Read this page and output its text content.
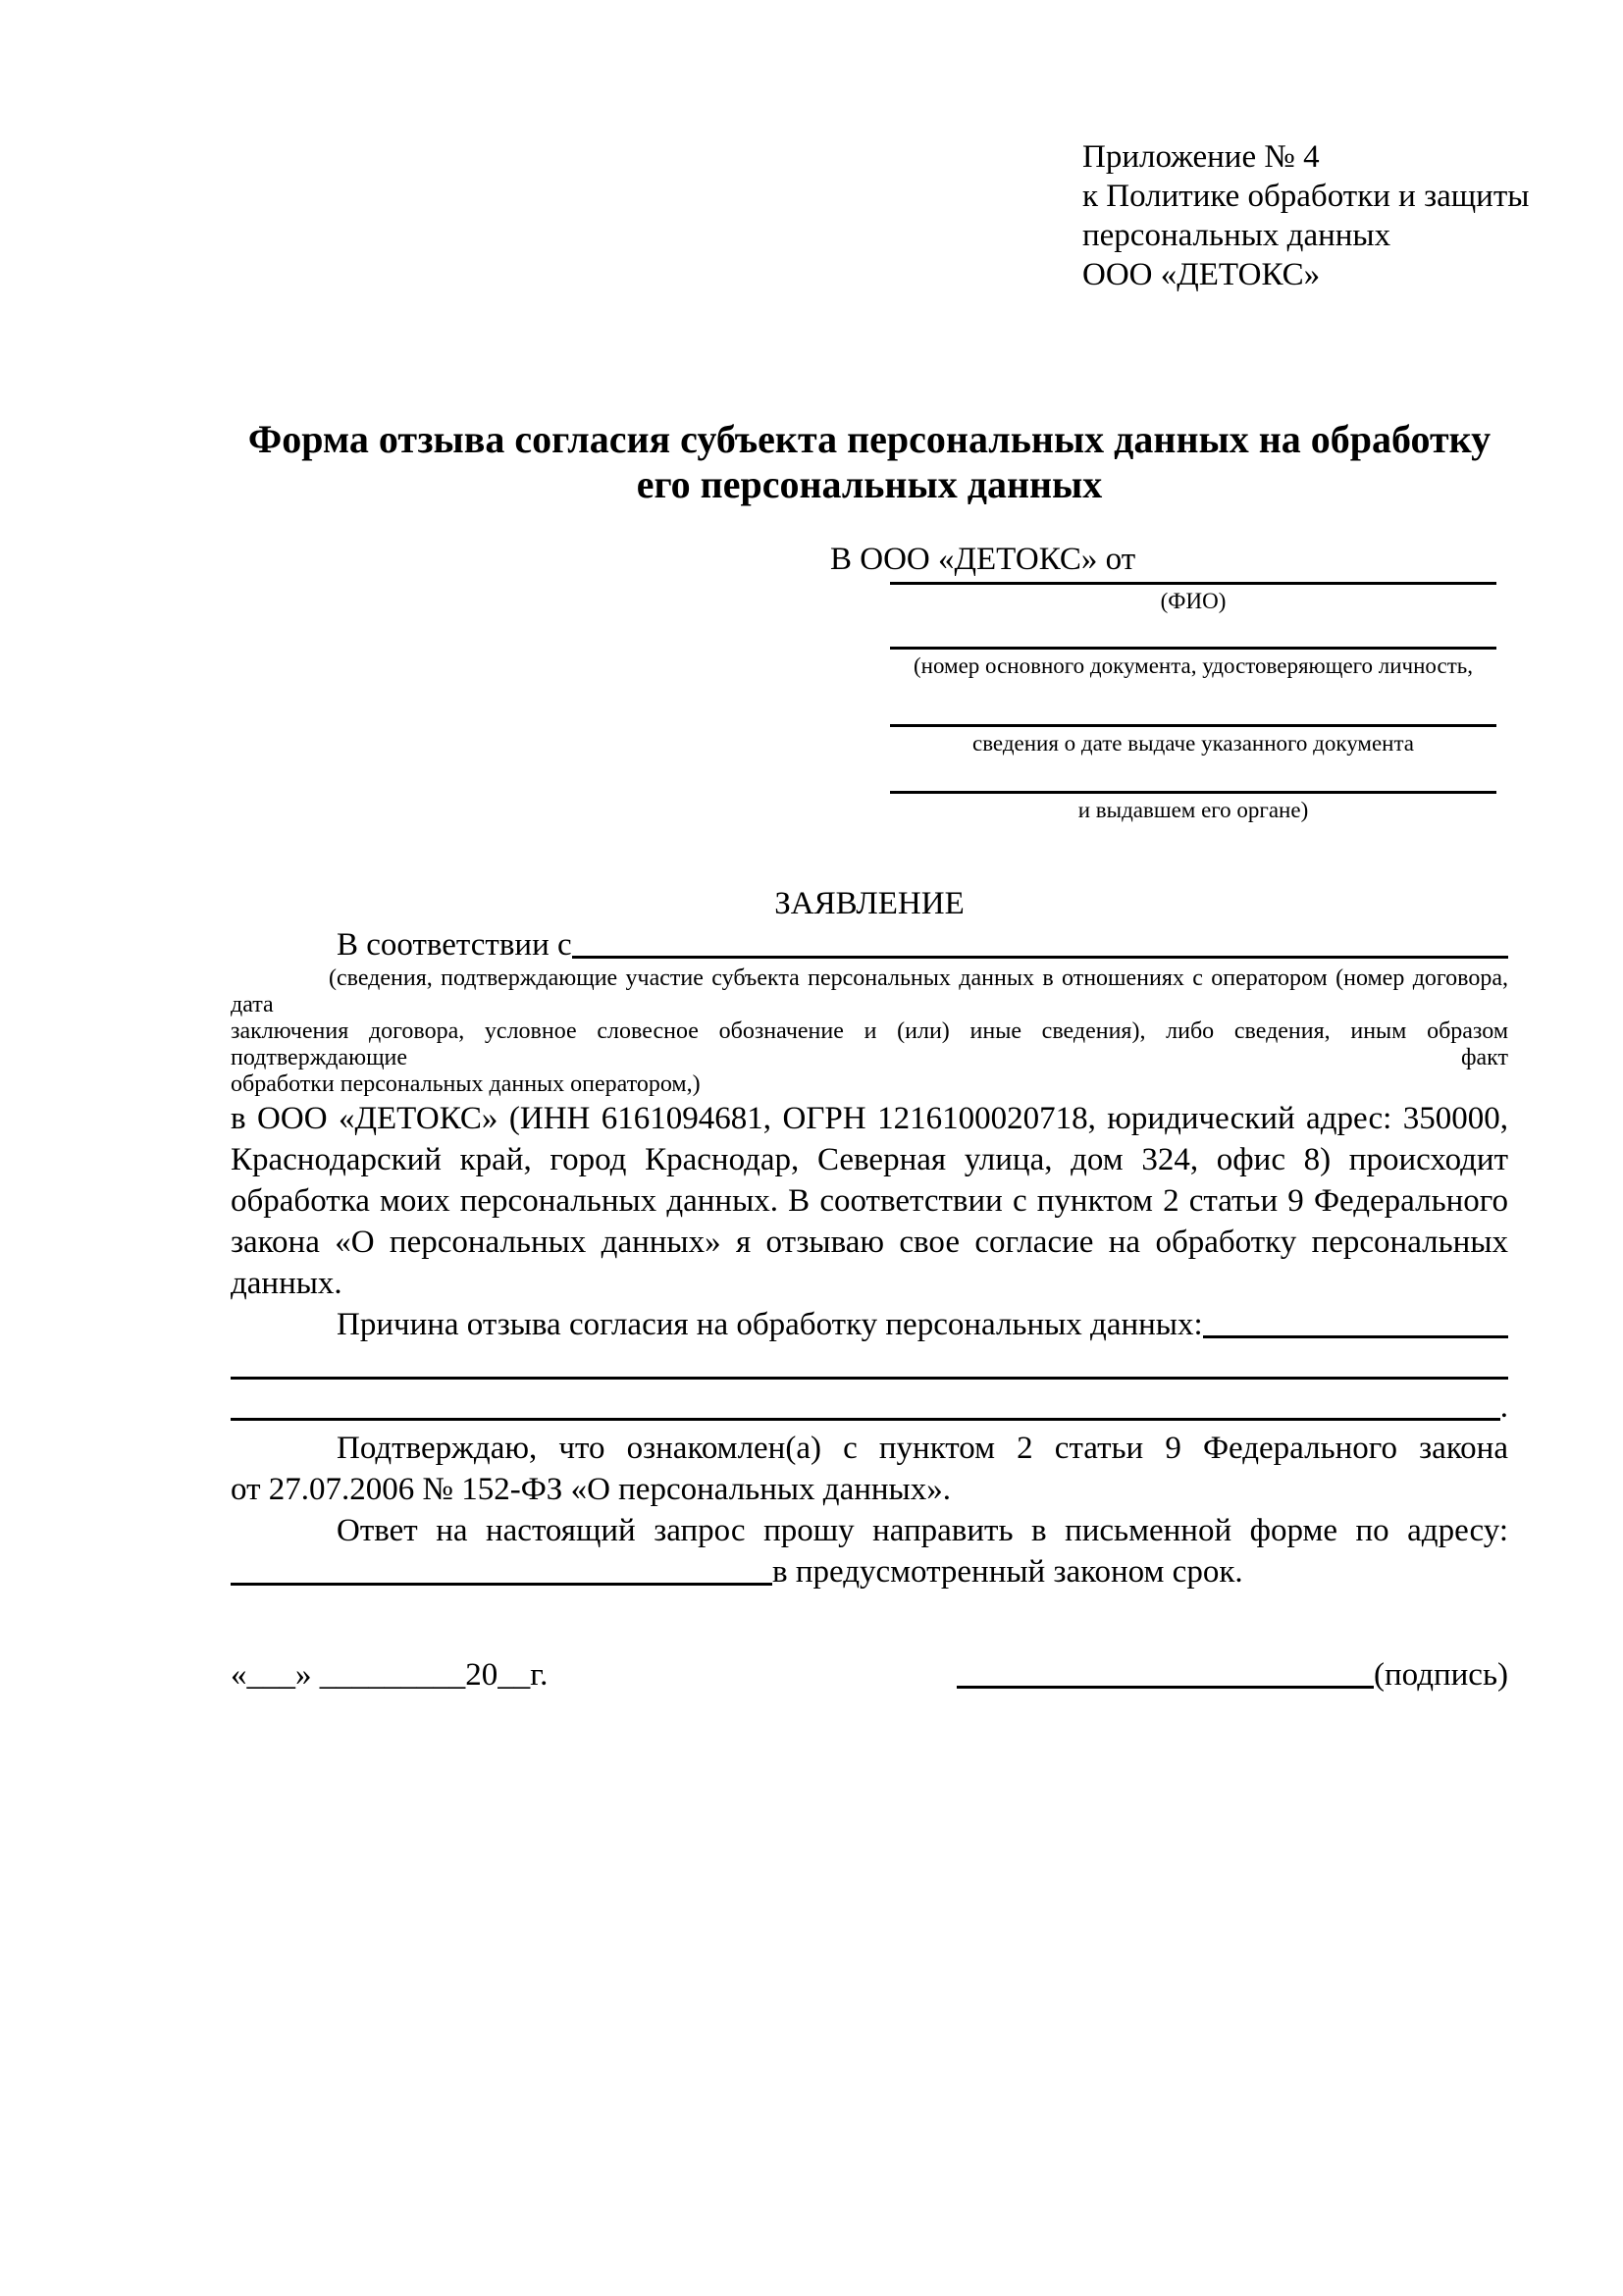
Приложение № 4
к Политике обработки и защиты
персональных данных
ООО «ДЕТОКС»
Форма отзыва согласия субъекта персональных данных на обработку
его персональных данных
В ООО «ДЕТОКС» от
(ФИО)
(номер основного документа, удостоверяющего личность,
сведения о дате выдаче указанного документа
и выдавшем его органе)
ЗАЯВЛЕНИЕ
В соответствии с
(сведения, подтверждающие участие субъекта персональных данных в отношениях с оператором (номер договора, дата
заключения договора, условное словесное обозначение и (или) иные сведения), либо сведения, иным образом подтверждающие факт
обработки персональных данных оператором,)
в ООО «ДЕТОКС» (ИНН 6161094681, ОГРН 1216100020718, юридический адрес: 350000,
Краснодарский край, город Краснодар, Северная улица, дом 324, офис 8) происходит
обработка моих персональных данных. В соответствии с пунктом 2 статьи 9 Федерального
закона «О персональных данных» я отзываю свое согласие на обработку персональных
данных.
Причина отзыва согласия на обработку персональных данных:
.
Подтверждаю, что ознакомлен(а) с пунктом 2 статьи 9 Федерального закона
от 27.07.2006 № 152-ФЗ «О персональных данных».
Ответ на настоящий запрос прошу направить в письменной форме по адресу:
в предусмотренный законом срок.
«___» _________20__г.	(подпись)
